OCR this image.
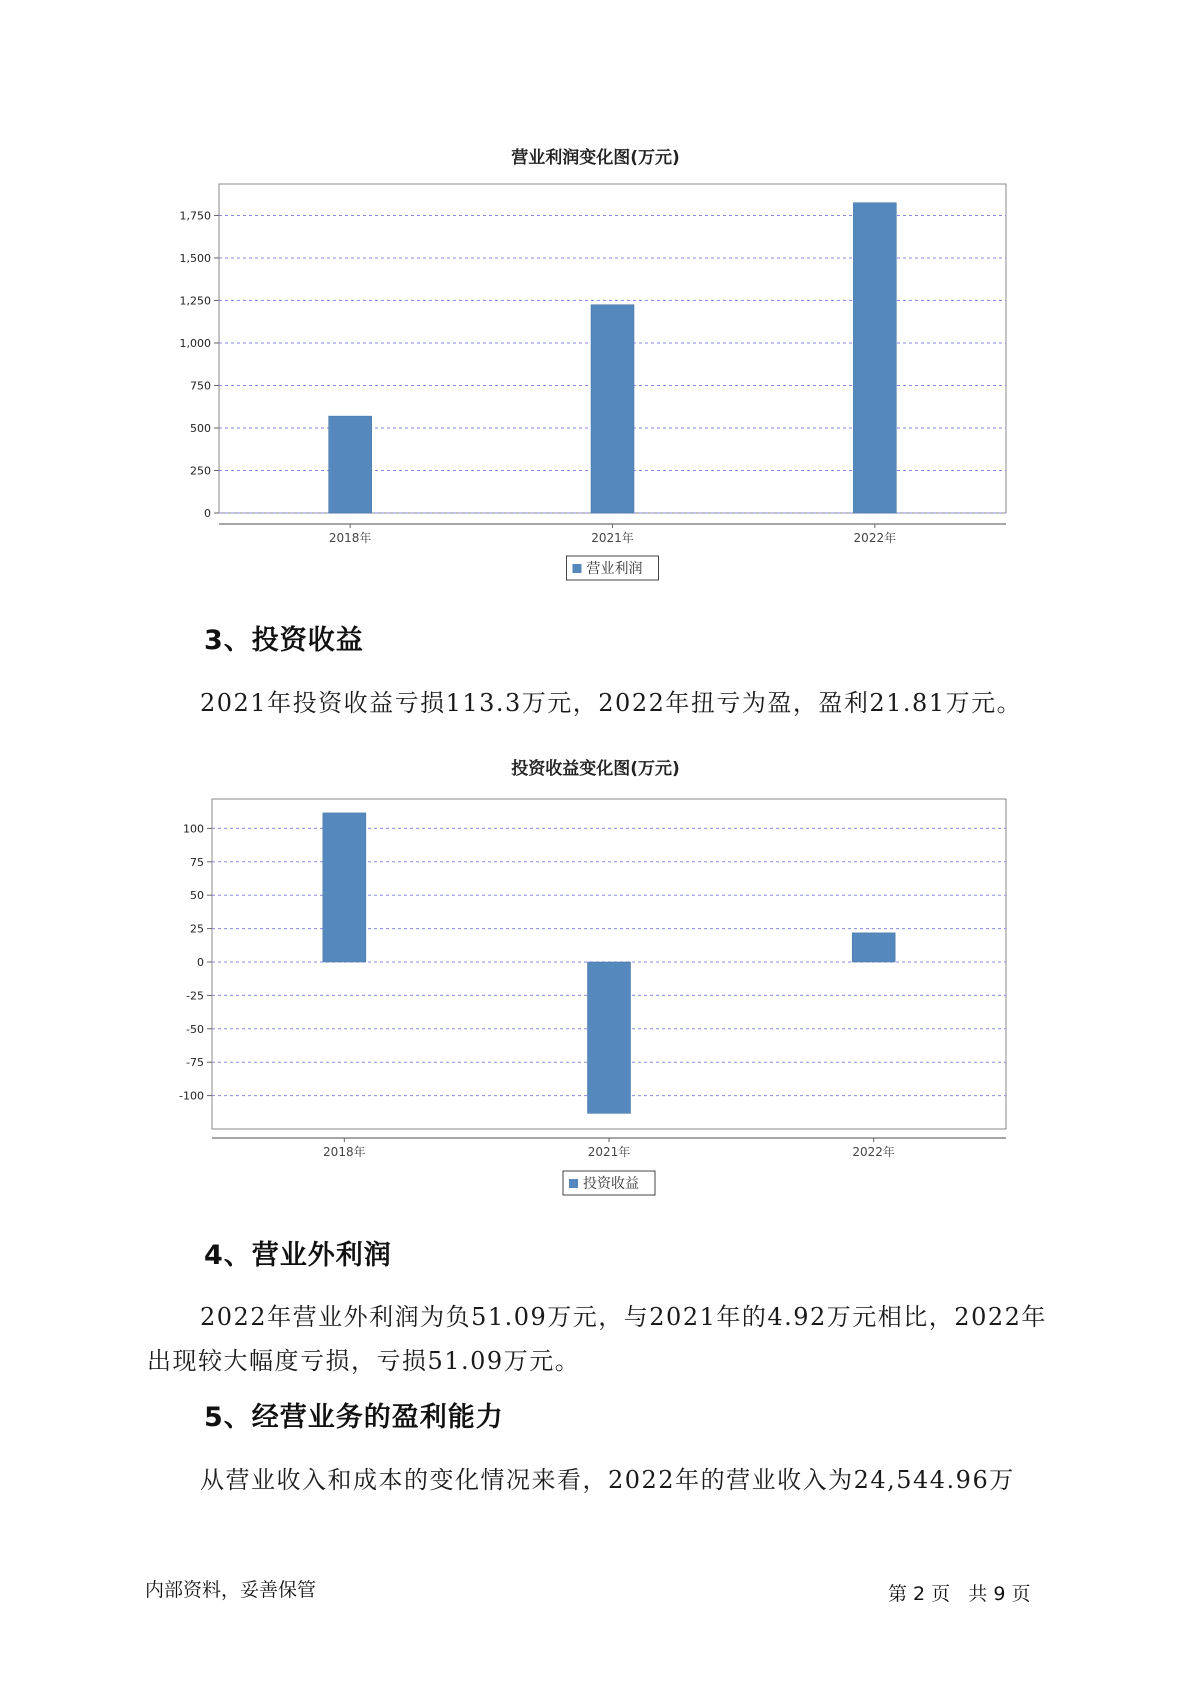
营业利润变化图(万元)
0
250
500
750
1,000
1,250
1,500
1,750
2018年	2021年	2022年
营业利润
3、投资收益
2021年投资收益亏损113.3万元，2022年扭亏为盈，盈利21.81万元。
投资收益变化图(万元)
-100
-75
-50
-25
0
25
50
75
100
2018年	2021年	2022年
投资收益
4、营业外利润
2022年营业外利润为负51.09万元，与2021年的4.92万元相比，2022年
出现较大幅度亏损，亏损51.09万元。
5、经营业务的盈利能力
从营业收入和成本的变化情况来看，2022年的营业收入为24,544.96万
内部资料，妥善保管	第 2 页   共 9 页
